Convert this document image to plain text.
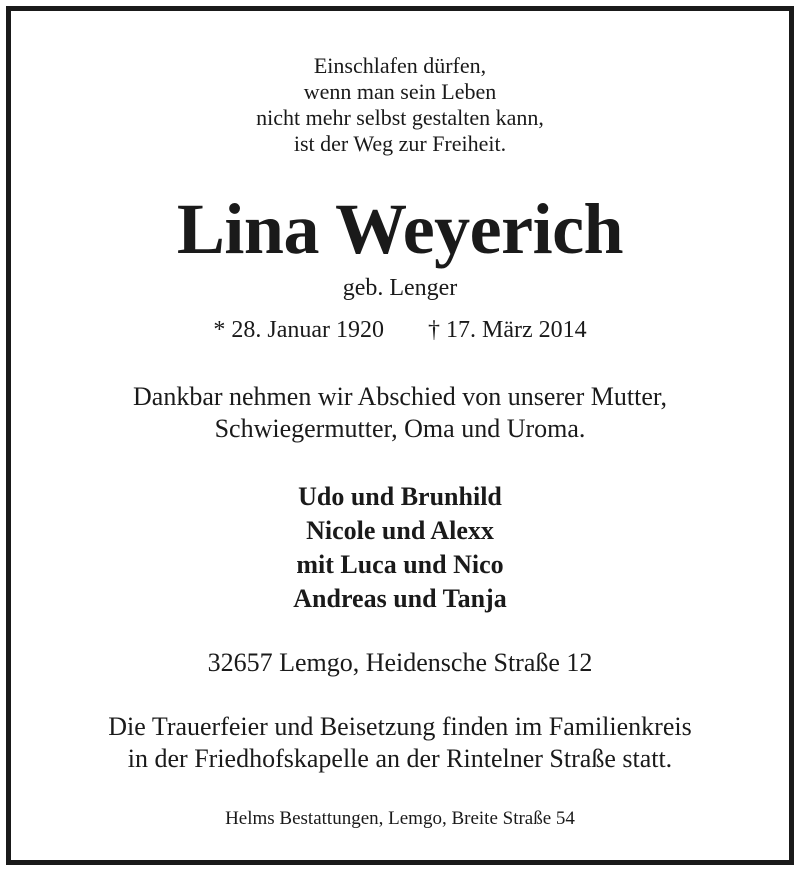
Einschlafen dürfen,
wenn man sein Leben
nicht mehr selbst gestalten kann,
ist der Weg zur Freiheit.
Lina Weyerich
geb. Lenger
* 28. Januar 1920 † 17. März 2014
Dankbar nehmen wir Abschied von unserer Mutter,
Schwiegermutter, Oma und Uroma.
Udo und Brunhild
Nicole und Alexx
mit Luca und Nico
Andreas und Tanja
32657 Lemgo, Heidensche Straße 12
Die Trauerfeier und Beisetzung finden im Familienkreis
in der Friedhofskapelle an der Rintelner Straße statt.
Helms Bestattungen, Lemgo, Breite Straße 54
